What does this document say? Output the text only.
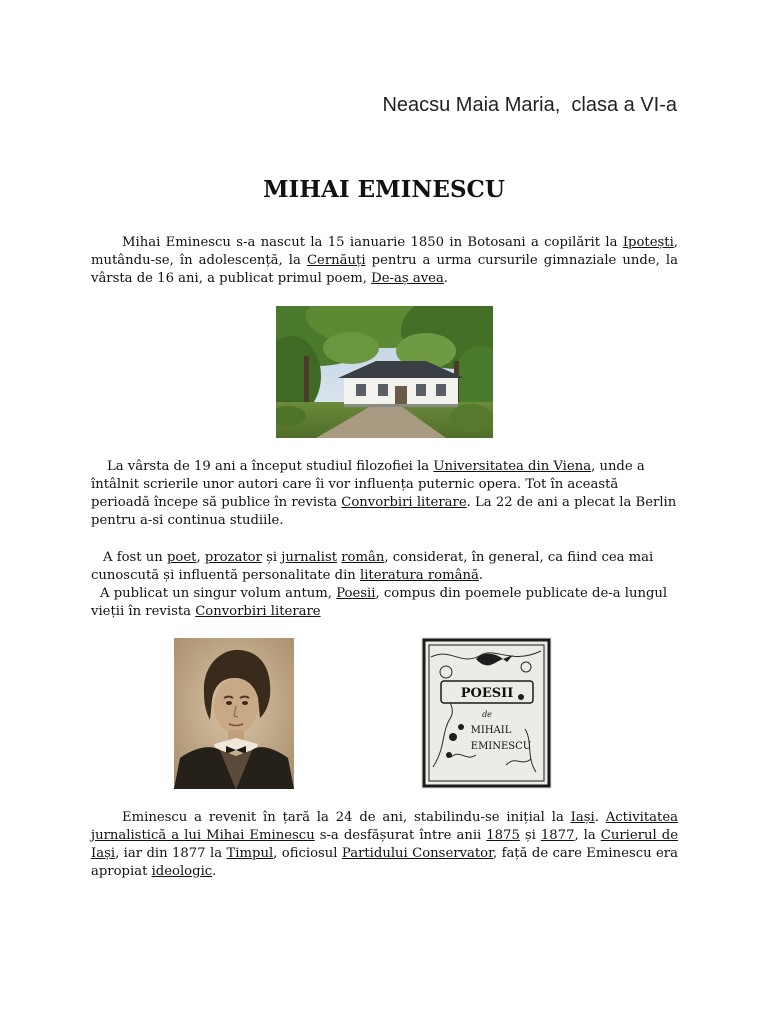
Neacsu Maia Maria,  clasa a VI-a
MIHAI EMINESCU
Mihai Eminescu s-a nascut la 15 ianuarie 1850 in Botosani a copilărit la Ipotești, mutându-se, în adolescență, la Cernăuți pentru a urma cursurile gimnaziale unde, la vârsta de 16 ani, a publicat primul poem, De-aș avea.
La vârsta de 19 ani a început studiul filozofiei la Universitatea din Viena, unde a întâlnit scrierile unor autori care îi vor influența puternic opera. Tot în această perioadă începe să publice în revista Convorbiri literare. La 22 de ani a plecat la Berlin pentru a-si continua studiile.
A fost un poet, prozator și jurnalist român, considerat, în general, ca fiind cea mai cunoscută și influentă personalitate din literatura română.
A publicat un singur volum antum, Poesii, compus din poemele publicate de-a lungul vieții în revista Convorbiri literare
POESII
de
MIHAIL
EMINESCU
Eminescu a revenit în țară la 24 de ani, stabilindu-se inițial la Iași. Activitatea jurnalistică a lui Mihai Eminescu s-a desfășurat între anii 1875 și 1877, la Curierul de Iași, iar din 1877 la Timpul, oficiosul Partidului Conservator, față de care Eminescu era apropiat ideologic.
